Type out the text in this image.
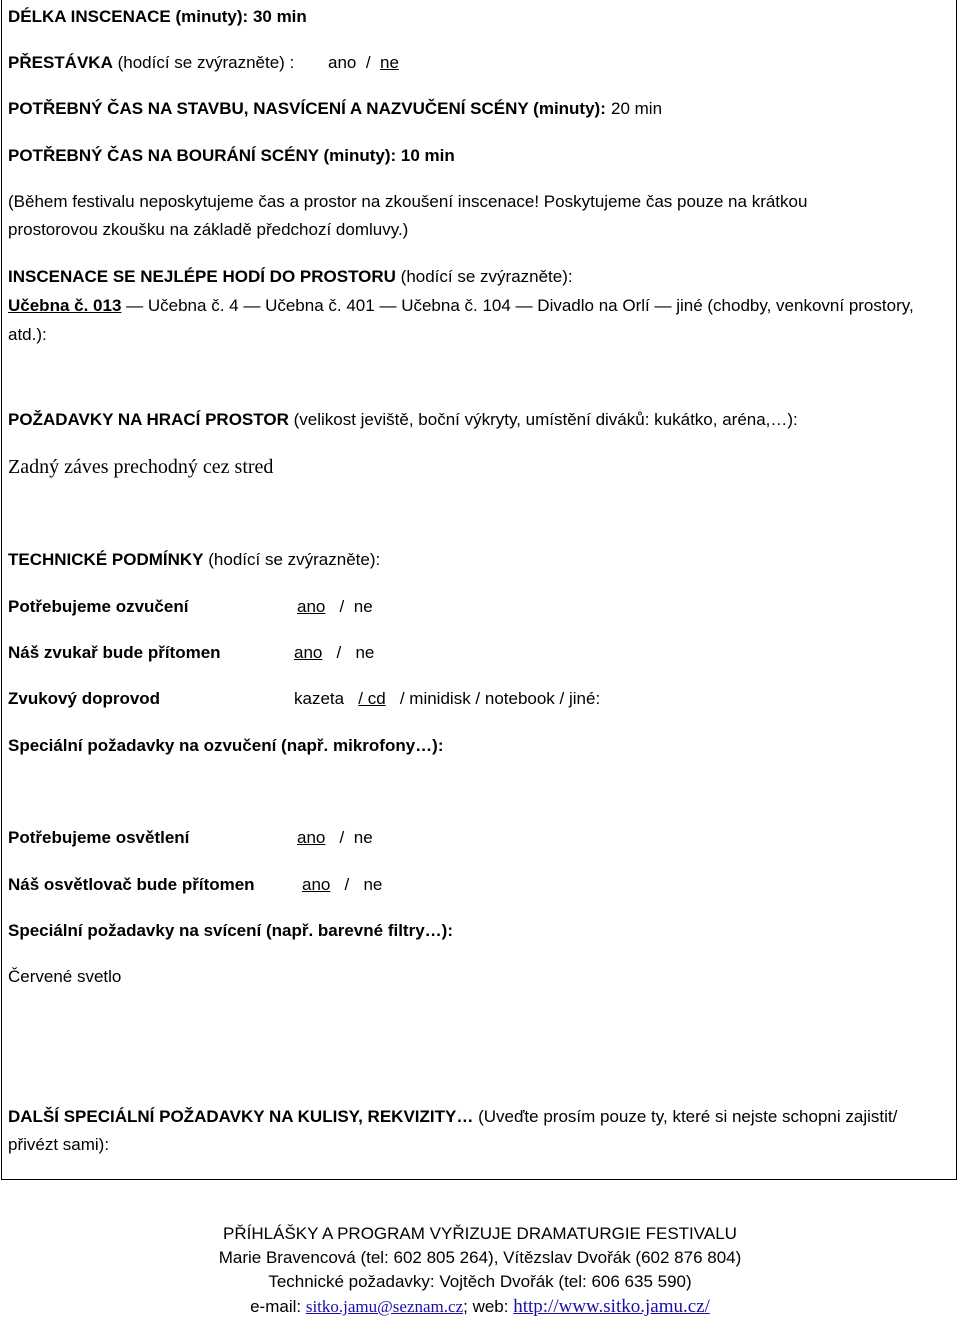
DÉLKA INSCENACE (minuty): 30 min
PŘESTÁVKA (hodící se zvýrazněte) : ano / ne
POTŘEBNÝ ČAS NA STAVBU, NASVÍCENÍ A NAZVUČENÍ SCÉNY (minuty): 20 min
POTŘEBNÝ ČAS NA BOURÁNÍ SCÉNY (minuty): 10 min
(Během festivalu neposkytujeme čas a prostor na zkoušení inscenace! Poskytujeme čas pouze na krátkou
prostorovou zkoušku na základě předchozí domluvy.)
INSCENACE SE NEJLÉPE HODÍ DO PROSTORU (hodící se zvýrazněte):
Učebna č. 013 — Učebna č. 4 — Učebna č. 401 — Učebna č. 104 — Divadlo na Orlí — jiné (chodby, venkovní prostory,
atd.):
POŽADAVKY NA HRACÍ PROSTOR (velikost jeviště, boční výkryty, umístění diváků: kukátko, aréna,…):
Zadný záves prechodný cez stred
TECHNICKÉ PODMÍNKY (hodící se zvýrazněte):
Potřebujeme ozvučení	ano / ne
Náš zvukař bude přítomen	ano / ne
Zvukový doprovod	kazeta / cd / minidisk / notebook / jiné:
Speciální požadavky na ozvučení (např. mikrofony…):
Potřebujeme osvětlení	ano / ne
Náš osvětlovač bude přítomen	ano / ne
Speciální požadavky na svícení (např. barevné filtry…):
Červené svetlo
DALŠÍ SPECIÁLNÍ POŽADAVKY NA KULISY, REKVIZITY… (Uveďte prosím pouze ty, které si nejste schopni zajistit/
přivézt sami):
PŘÍHLÁŠKY A PROGRAM VYŘIZUJE DRAMATURGIE FESTIVALU
Marie Bravencová (tel: 602 805 264), Vítězslav Dvořák (602 876 804)
Technické požadavky: Vojtěch Dvořák (tel: 606 635 590)
e-mail: sitko.jamu@seznam.cz; web: http://www.sitko.jamu.cz/
